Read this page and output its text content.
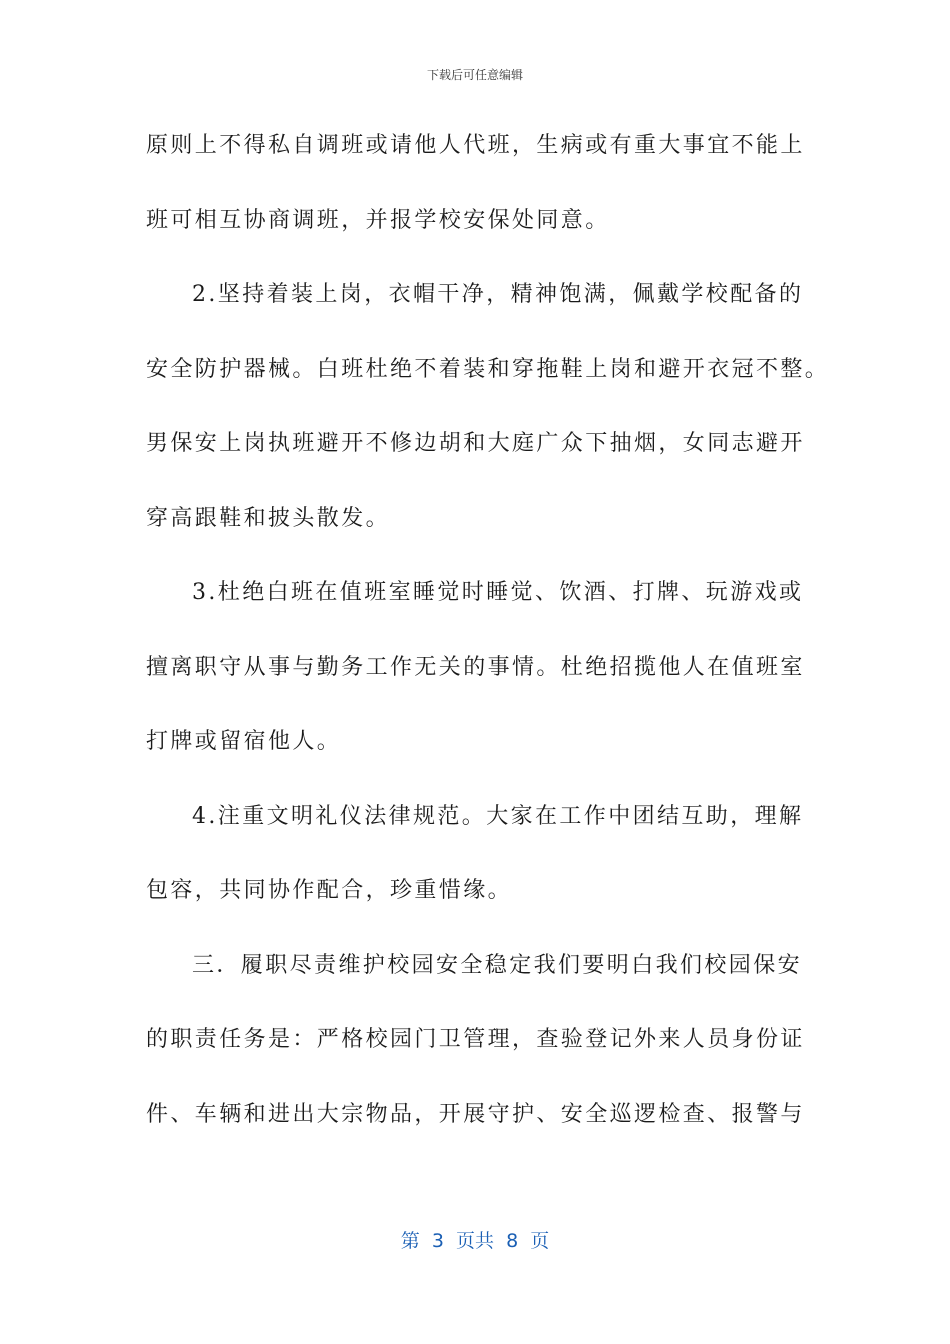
下载后可任意编辑
原则上不得私自调班或请他人代班，生病或有重大事宜不能上
班可相互协商调班，并报学校安保处同意。
2.坚持着装上岗，衣帽干净，精神饱满，佩戴学校配备的
安全防护器械。白班杜绝不着装和穿拖鞋上岗和避开衣冠不整。
男保安上岗执班避开不修边胡和大庭广众下抽烟，女同志避开
穿高跟鞋和披头散发。
3.杜绝白班在值班室睡觉时睡觉、饮酒、打牌、玩游戏或
擅离职守从事与勤务工作无关的事情。杜绝招揽他人在值班室
打牌或留宿他人。
4.注重文明礼仪法律规范。大家在工作中团结互助，理解
包容，共同协作配合，珍重惜缘。
三．履职尽责维护校园安全稳定我们要明白我们校园保安
的职责任务是：严格校园门卫管理，查验登记外来人员身份证
件、车辆和进出大宗物品，开展守护、安全巡逻检查、报警与
第  3  页共  8  页
